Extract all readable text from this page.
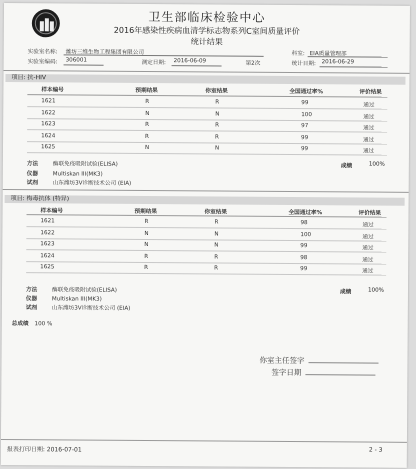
卫生部临床检验中心
2016年感染性疾病血清学标志物系列C室间质量评价
统计结果
实验室名称: 潍坊三维生物工程集团有限公司	科室: EIA质量管理部
实验室编码: 306001	测定日期: 2016-06-09	第2次	统计日期: 2016-06-29
项目: 抗-HIV
样本编号	预期结果	你室结果	全国通过率%	评价结果
1621	R	R	99	通过
1622	N	N	100	通过
1623	R	R	97	通过
1624	R	R	99	通过
1625	N	N	99	通过
方法	酶联免疫吸附试验(ELISA)
仪器	Multiskan III(MK3)
试剂	山东潍坊3V诊断技术公司 (EIA)
成绩	100%
项目: 梅毒抗体 (特异)
样本编号	预期结果	你室结果	全国通过率%	评价结果
1621	R	R	98	通过
1622	N	N	100	通过
1623	N	N	99	通过
1624	R	R	98	通过
1625	R	R	99	通过
方法	酶联免疫吸附试验(ELISA)
仪器	Multiskan III(MK3)
试剂	山东潍坊3V诊断技术公司 (EIA)
成绩	100%
总成绩 100 %
你室主任签字
签字日期
报表打印日期: 2016-07-01	2 - 3
